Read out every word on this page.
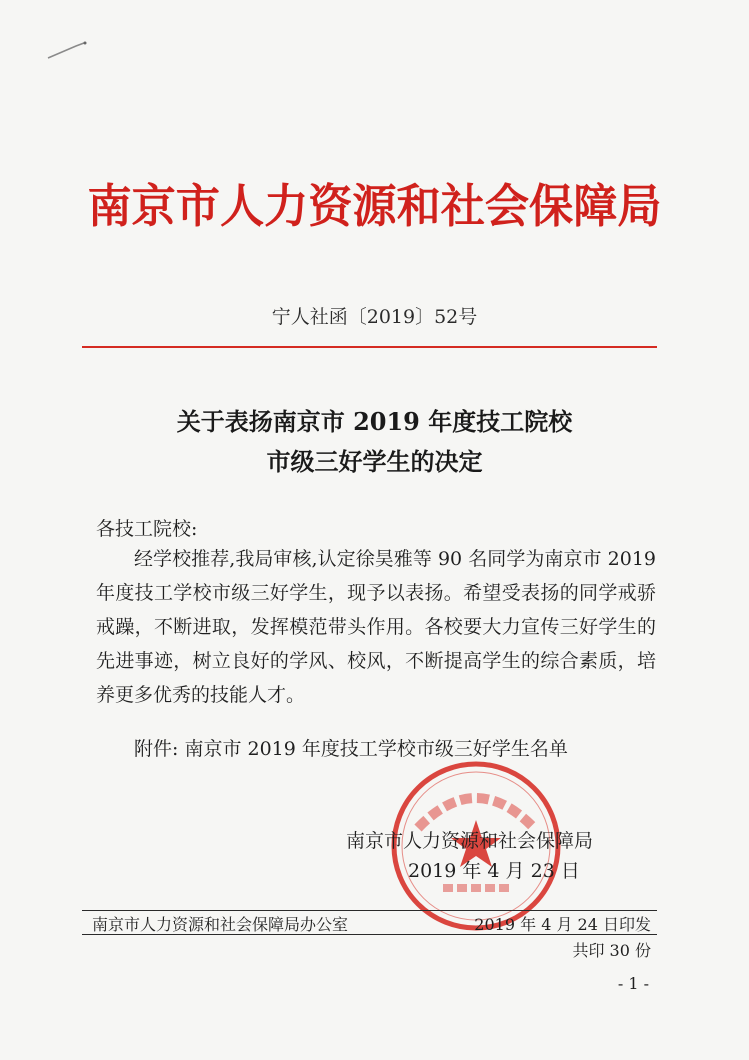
南京市人力资源和社会保障局
宁人社函〔2019〕52号
关于表扬南京市 2019 年度技工院校
市级三好学生的决定
各技工院校:

经学校推荐,我局审核,认定徐昊雅等 90 名同学为南京市 2019 年度技工学校市级三好学生，现予以表扬。希望受表扬的同学戒骄戒躁，不断进取，发挥模范带头作用。各校要大力宣传三好学生的先进事迹，树立良好的学风、校风，不断提高学生的综合素质，培养更多优秀的技能人才。

附件: 南京市 2019 年度技工学校市级三好学生名单
南京市人力资源和社会保障局
2019 年 4 月 23 日
南京市人力资源和社会保障局办公室	2019 年 4 月 24 日印发
共印 30 份
- 1 -
